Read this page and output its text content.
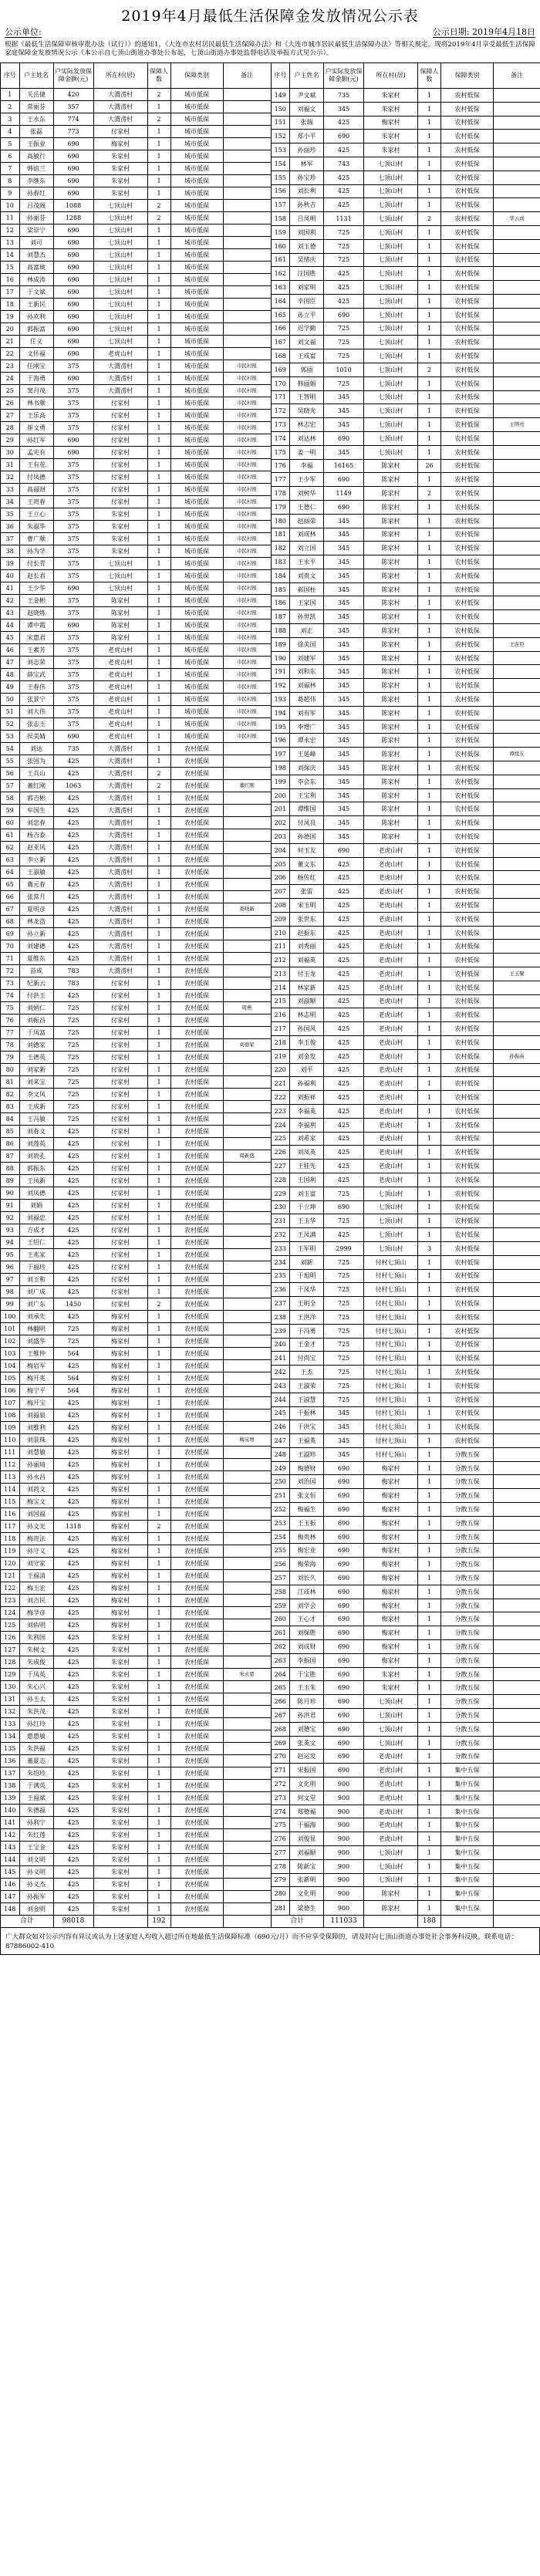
2019年4月最低生活保障金发放情况公示表
公示单位:	公示日期: 2019年4月18日
根据《最低生活保障审核审批办法（试行）》的通知1，《大连市农村居民最低生活保障办法》和《大连市城市居民最低生活保障办法》等相关规定，现将2019年4月享受最低生活保障家庭保障金发放情况公示（本公示自七顶山街道办事处公布起，七顶山街道办事处监督电话及举报方式见公示）。
序号	户主姓名	户实际发放保障金额(元)	所在村(居)	保障人数	保障类别	备注
1	关岳捷	420	大渭涝村	2	城市低保	
2	常丽芬	357	大渭涝村	1	城市低保	
3	王永东	774	大渭涝村	2	城市低保	
4	张磊	773	付家村	1	城市低保	
5	王振业	690	梅家村	1	城市低保	
6	高敏行	690	朱家村	1	城市低保	
7	韩谊兰	690	朱家村	1	城市低保	
8	李继东	690	朱家村	1	城市低保	
9	孙春红	690	朱家村	1	城市低保	
10	吕茂阁	1088	七顶山村	2	城市低保	
11	孙丽芬	1288	七顶山村	2	城市低保	
12	梁崇宁	690	七顶山村	1	城市低保	
13	刘可	690	七顶山村	1	城市低保	
14	刘慧杰	690	七顶山村	1	城市低保	
15	高富琥	690	七顶山村	1	城市低保	
16	林成涛	690	七顶山村	1	城市低保	
17	于文斌	690	七顶山村	1	城市低保	
18	王新民	690	七顶山村	1	城市低保	
19	孙欢利	690	七顶山村	1	城市低保	
20	郭振富	690	七顶山村	1	城市低保	
21	任义	690	七顶山村	1	城市低保	
22	文怀福	690	老虎山村	1	城市低保	
23	任刚宝	375	大渭涝村	1	城市低保	市民村报
24	于海勇	690	大渭涝村	1	城市低保	市民村报
25	窦丹茂	375	大渭涝村	1	城市低保	市民村报
26	林书顺	375	付家村	1	城市低保	市民村报
27	王乐高	375	付家村	1	城市低保	市民村报
28	崔文勇	375	付家村	1	城市低保	市民村报
29	孙红军	690	付家村	1	城市低保	市民村报
30	孟宪有	690	付家村	1	城市低保	市民村报
31	王有花	375	付家村	1	城市低保	市民村报
32	付凤德	375	付家村	1	城市低保	市民村报
33	高福财	375	付家村	1	城市低保	市民村报
34	王贵春	375	付家村	1	城市低保	市民村报
35	王立心	375	朱家村	1	城市低保	市民村报
36	朱淑华	375	朱家村	1	城市低保	市民村报
37	曹广顺	375	朱家村	1	城市低保	市民村报
38	孙为学	375	朱家村	1	城市低保	市民村报
39	付长青	375	七顶山村	1	城市低保	市民村报
40	赵长君	375	七顶山村	1	城市低保	市民村报
41	王少华	690	七顶山村	1	城市低保	市民村报
42	王金彬	375	陈家村	1	城市低保	市民村报
43	赵晓炼	375	陈家村	1	城市低保	市民村报
44	谭中霞	690	陈家村	1	城市低保	市民村报
45	宋惠君	375	陈家村	1	城市低保	市民村报
46	王素芳	375	老虎山村	1	城市低保	市民村报
47	刘志荣	375	老虎山村	1	城市低保	市民村报
48	薛宝武	375	老虎山村	1	城市低保	市民村报
49	王春伟	375	老虎山村	1	城市低保	市民村报
50	张景宁	375	老虎山村	1	城市低保	市民村报
51	刘大伟	375	老虎山村	1	城市低保	市民村报
52	张志玉	375	老虎山村	1	城市低保	市民村报
53	侯美婧	690	老虎山村	1	城市低保	市民村报
54	刘达	735	大渭涝村	1	农村低保	
55	张国为	425	大渭涝村	1	农村低保	
56	王兵山	425	大渭涝村	2	农村低保	
57	董红刚	1063	大渭涝村	2	农村低保	董红刚
58	郭吉彬	425	大渭涝村	1	农村低保	
59	牟国生	425	大渭涝村	1	农村低保	
60	刘忠春	425	大渭涝村	1	农村低保	
61	杨吉泰	425	大渭涝村	1	农村低保	
62	赵亚风	425	大渭涝村	1	农村低保	
63	李立新	425	大渭涝村	1	农村低保	
64	王淑敏	425	大渭涝村	1	农村低保	
65	冀元春	425	大渭涝村	1	农村低保	
66	张常月	425	大渭涝村	1	农村低保	
67	夏明彦	425	大渭涝村	1	农村低保	姜晓新
68	林龙浩	425	大渭涝村	1	农村低保	
69	孙立新	425	大渭涝村	1	农村低保	
70	刘建德	425	大渭涝村	1	农村低保	
71	夏维东	425	大渭涝村	1	农村低保	
72	苗成	783	大渭涝村	1	农村低保	
73	纪新云	783	付家村	1	农村低保	
74	付洪玉	425	付家村	1	农村低保	
75	刘炳仁	725	付家村	1	农村低保	周燕
76	刘振昌	725	付家村	1	农村低保	
77	于凤富	725	付家村	1	农村低保	
78	刘德家	725	付家村	1	农村低保	刘德家
79	王德英	725	付家村	1	农村低保	
80	刘家新	725	付家村	1	农村低保	
81	刘来宝	725	付家村	1	农村低保	
82	李文凤	725	付家村	1	农村低保	
83	王成新	725	付家村	1	农村低保	
84	王冯敏	725	付家村	1	农村低保	
85	刘春文	425	付家村	1	农村低保	
86	刘莲英	425	付家村	1	农村低保	
87	刘贵孔	425	付家村	1	农村低保	周新盛
88	郭振东	425	付家村	1	农村低保	
89	王凤新	425	付家村	1	农村低保	
90	刘凤德	425	付家村	1	农村低保	
91	刘娟	425	付家村	1	农村低保	
92	刘福忠	425	付家村	1	农村低保	
93	方成才	425	付家村	1	农村低保	
94	王绍仁	425	付家村	1	农村低保	
95	王兆家	425	付家村	1	农村低保	
96	于福珍	425	付家村	1	农村低保	
97	刘玉和	425	付家村	1	农村低保	
98	刘广成	425	付家村	1	农村低保	
99	刘广东	1450	付家村	2	农村低保	
100	刘承先	425	梅家村	1	农村低保	
101	林翻明	725	梅家村	1	农村低保	
102	刘盛华	725	梅家村	1	农村低保	
103	王维仲	564	梅家村	1	农村低保	
104	梅岩军	425	梅家村	1	农村低保	
105	梅开兆	564	梅家村	1	农村低保	
106	梅宁平	564	梅家村	1	农村低保	
107	梅开宝	425	梅家村	1	农村低保	
108	刘福泉	425	梅家村	1	农村低保	
109	刘维利	425	梅家村	1	农村低保	
110	刘景珠	425	梅家村	1	农村低保	梅宝增
111	刘慧敏	425	梅家村	1	农村低保	
112	孙丽琦	425	梅家村	1	农村低保	
113	孙永昌	425	梅家村	1	农村低保	
114	刘尚文	425	梅家村	1	农村低保	
115	梅宝文	425	梅家村	1	农村低保	
116	刘国福	425	梅家村	1	农村低保	
117	孙文光	1318	梅家村	2	农村低保	
118	梅贵法	425	梅家村	1	农村低保	
119	孙守义	425	梅家村	1	农村低保	
120	刘守家	425	梅家村	1	农村低保	
121	王福清	425	梅家村	1	农村低保	
122	梅玉宏	425	梅家村	1	农村低保	
123	刘吉民	425	梅家村	1	农村低保	
124	梅学彦	425	梅家村	1	农村低保	
125	刘佑明	425	梅家村	1	农村低保	
126	朱利国	425	朱家村	1	农村低保	
127	朱树文	425	朱家村	1	农村低保	
128	朱成俊	425	朱家村	1	农村低保	
129	于凤英	425	朱家村	1	农村低保	朱永恩
130	朱心兴	425	朱家村	1	农村低保	
131	孙玉太	425	朱家村	1	农村低保	
132	朱洪茂	425	朱家村	1	农村低保	
133	孙红玲	425	朱家村	1	农村低保	
134	惠惠敏	425	朱家村	1	农村低保	
135	朱洪福	425	朱家村	1	农村低保	
136	董夏志	425	朱家村	1	农村低保	
137	朱绍珍	425	朱家村	1	农村低保	
138	于满英	425	朱家村	1	农村低保	
139	王福斌	425	朱家村	1	农村低保	
140	朱德福	425	朱家村	1	农村低保	
141	孙利宁	425	朱家村	1	农村低保	
142	朱红莲	425	朱家村	1	农村低保	
143	王宝金	425	朱家村	1	农村低保	
144	刘文明	425	朱家村	1	农村低保	
145	孙义明	425	朱家村	1	农村低保	
146	孙义杰	425	朱家村	1	农村低保	
147	孙振军	425	朱家村	1	农村低保	
148	刘金明	425	朱家村	1	农村低保	
合计		98018		192		
序号	户主姓名	户实际发放保障金额(元)	所在村(居)	保障人数	保障类别	备注
149	尹文斌	735	朱家村	1	农村低保	
150	刘福文	345	朱家村	1	农村低保	
151	张瑞	425	梅家村	1	农村低保	
152	郑小平	690	朱家村	1	农村低保	
153	孙丽珍	425	朱家村	1	农村低保	
154	林军	743	七顶山村	1	农村低保	
155	孙宝珍	425	七顶山村	1	农村低保	
156	刘长利	425	七顶山村	1	农村低保	
157	孙秋吉	425	七顶山村	1	农村低保	
158	吕凤明	1131	七顶山村	2	农村低保	华云成
159	刘国利	725	七顶山村	1	农村低保	
160	刘玉德	725	七顶山村	1	农村低保	
161	吴绪庆	725	七顶山村	1	农村低保	
162	汪国胜	425	七顶山村	1	农村低保	
163	刘家明	425	七顶山村	1	农村低保	
164	辛国臣	425	七顶山村	1	农村低保	
165	孙立平	690	七顶山村	1	农村低保	
166	迟学勤	725	七顶山村	1	农村低保	
167	刘文福	725	七顶山村	1	农村低保	
168	王成富	725	七顶山村	1	农村低保	
169	郭丽	1010	七顶山村	2	农村低保	
170	韩丽娟	725	七顶山村	1	农村低保	
171	王智明	345	七顶山村	1	农村低保	
172	吴晓光	345	七顶山村	1	农村低保	
173	林志宏	345	七顶山村	1	农村低保	王明亮
174	刘达林	690	七顶山村	1	农村低保	
175	姜一明	345	七顶山村	1	农村低保	
176	李福	16165	陈家村	26	农村低保	
177	王少军	690	陈家村	1	农村低保	
178	刘树华	1149	陈家村	2	农村低保	
179	王德仁	690	陈家村	1	农村低保	
180	赵丽荣	345	陈家村	1	农村低保	
181	刘成林	345	陈家村	1	农村低保	
182	刘立国	345	陈家村	1	农村低保	
183	王永平	345	陈家村	1	农村低保	
184	刘贵文	345	陈家村	1	农村低保	
185	郝国柱	345	陈家村	1	农村低保	
186	王家国	345	陈家村	1	农村低保	
187	孙世凯	345	陈家村	1	农村低保	
188	刘正	345	陈家村	1	农村低保	
189	徐美国	345	陈家村	1	农村低保	王连臣
190	刘建军	345	陈家村	1	农村低保	
191	刘和东	345	陈家村	1	农村低保	
192	刘福林	345	陈家村	1	农村低保	
193	葛超伟	345	陈家村	1	农村低保	
194	刘有军	345	陈家村	1	农村低保	
195	李增广	345	陈家村	1	农村低保	
196	谭永宏	345	陈家村	1	农村低保	
197	王延峰	345	陈家村	1	农村低保	谭续友
198	刘保庆	345	陈家村	1	农村低保	
199	李会东	345	陈家村	1	农村低保	
200	王宝利	345	陈家村	1	农村低保	
201	谭维国	345	陈家村	1	农村低保	
202	付凤良	345	陈家村	1	农村低保	
203	孙德国	345	陈家村	1	农村低保	
204	何玉友	690	老虎山村	1	农村低保	
205	董文东	425	老虎山村	1	农村低保	
206	杨传红	425	老虎山村	1	农村低保	
207	张雷	425	老虎山村	1	农村低保	
208	宋玉明	425	老虎山村	1	农村低保	
209	张世东	425	老虎山村	1	农村低保	
210	赵振东	425	老虎山村	1	农村低保	
211	刘秀丽	425	老虎山村	1	农村低保	
212	刘福英	425	老虎山村	1	农村低保	
213	付玉龙	425	老虎山村	1	农村低保	王玉聚
214	林家新	425	老虎山村	1	农村低保	
215	刘淑顺	425	老虎山村	1	农村低保	
216	林志明	425	老虎山村	1	农村低保	
217	孙国风	425	老虎山村	1	农村低保	
218	李玉俊	425	老虎山村	1	农村低保	
219	刘金发	425	老虎山村	1	农村低保	孙振英
220	刘平	425	老虎山村	1	农村低保	
221	孙福利	425	老虎山村	1	农村低保	
222	刘振祥	425	老虎山村	1	农村低保	
223	李福英	425	老虎山村	1	农村低保	
224	李福利	425	老虎山村	1	农村低保	
225	刘希家	425	老虎山村	1	农村低保	
226	刘凤英	425	老虎山村	1	农村低保	
227	王桂先	425	老虎山村	1	农村低保	
228	王国利	425	老虎山村	1	农村低保	
229	刘玉富	725	七顶山村	1	农村低保	
230	于立坤	690	七顶山村	1	农村低保	
231	王玉华	725	七顶山村	1	农村低保	
232	王凤满	425	七顶山村	1	农村低保	
233	王军明	2999	七顶山村	3	农村低保	
234	刘新	725	付村七顶山	1	农村低保	
235	于旭明	725	付村七顶山	1	农村低保	
236	于凤华	725	付村七顶山	1	农村低保	
237	王明全	725	付村七顶山	1	农村低保	
238	王洪洋	725	付村七顶山	1	农村低保	
239	于冯勇	725	付村七顶山	1	农村低保	
240	王金才	725	付村七顶山	1	农村低保	
241	付尚宝	725	付村七顶山	1	农村低保	
242	王杰	725	付村七顶山	1	农村低保	
243	王淑荣	725	付村七顶山	1	农村低保	
244	王淑慧	725	付村七顶山	1	农村低保	
245	于振林	345	付村七顶山	1	农村低保	
246	于洪宝	345	付村七顶山	1	农村低保	
247	王福英	345	付村七顶山	1	农村低保	
248	王淑珍	345	付村七顶山	1	分散五保	
249	梅德财	690	梅家村	1	分散五保	
250	刘治国	690	梅家村	1	分散五保	
251	张文恒	690	梅家村	1	分散五保	
252	梅福生	690	梅家村	1	分散五保	
253	王玉振	690	梅家村	1	分散五保	
254	梅贵林	690	梅家村	1	分散五保	
255	梅宏业	690	梅家村	1	分散五保	
256	梅荣海	690	梅家村	1	分散五保	
257	刘长久	690	梅家村	1	分散五保	
258	江成林	690	梅家村	1	分散五保	
259	刘学会	690	梅家村	1	分散五保	
260	王心才	690	梅家村	1	分散五保	
261	刘保胜	690	梅家村	1	分散五保	
262	刘成财	690	梅家村	1	分散五保	
263	李振国	690	梅家村	1	分散五保	
264	于宝胜	690	朱家村	1	分散五保	
265	王玉朱	690	朱家村	1	分散五保	
266	陈月珍	690	七顶山村	1	分散五保	
267	孙洪君	690	七顶山村	1	分散五保	
268	刘德宝	690	七顶山村	1	分散五保	
269	张英文	690	七顶山村	1	分散五保	
270	赵运发	690	老虎山村	1	分散五保	
271	宋振国	690	老虎山村	1	集中五保	
272	文化明	900	老虎山村	1	集中五保	
273	何文堂	900	老虎山村	1	集中五保	
274	郑德福	900	老虎山村	1	集中五保	
275	于福海	900	老虎山村	1	集中五保	
276	刘俊显	900	老虎山村	1	集中五保	
277	刘福顺	900	七顶山村	1	集中五保	
278	陈新宝	900	七顶山村	1	集中五保	
279	张新明	900	七顶山村	1	集中五保	
280	文化明	900	陈家村	1	集中五保	
281	梁德生	900	陈家村	1	集中五保	
合计		111033		188		
广大群众如对公示内容有异议或认为上述家庭人均收入超过所在地最低生活保障标准（690元/月）而不应享受保障的，请及时向七顶山街道办事处社会事务科反映。联系电话：87886002-410
